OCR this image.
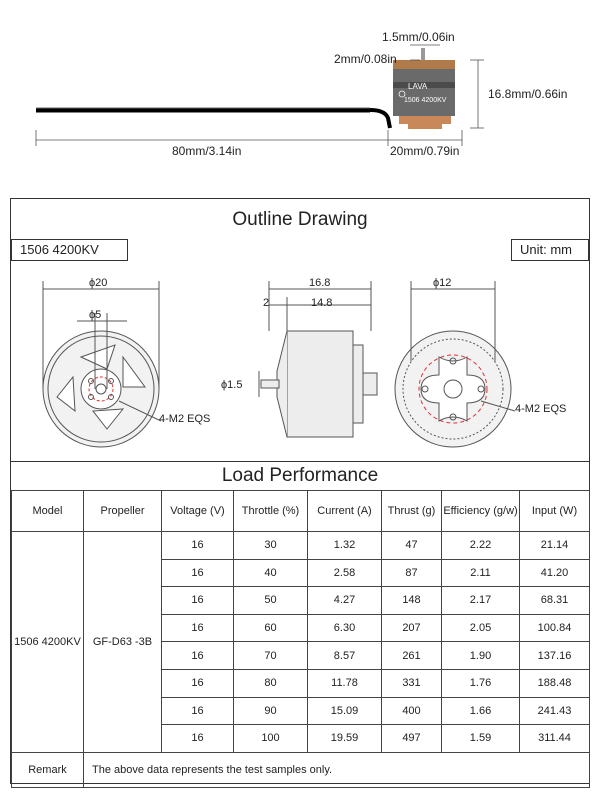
1.5mm/0.06in
2mm/0.08in
16.8mm/0.66in
80mm/3.14in	20mm/0.79in
LAVA
1506 4200KV
Outline Drawing
1506 4200KV	Unit: mm
ϕ20
ϕ5
4-M2 EQS
16.8
2	14.8
ϕ1.5
ϕ12
4-M2 EQS
Load Performance
Model	Propeller	Voltage (V)	Throttle (%)	Current (A)	Thrust (g)	Efficiency (g/w)	Input (W)
1506 4200KV	GF-D63 -3B	16	30	1.32	47	2.22	21.14
		16	40	2.58	87	2.11	41.20
		16	50	4.27	148	2.17	68.31
		16	60	6.30	207	2.05	100.84
		16	70	8.57	261	1.90	137.16
		16	80	11.78	331	1.76	188.48
		16	90	15.09	400	1.66	241.43
		16	100	19.59	497	1.59	311.44
Remark	The above data represents the test samples only.						
